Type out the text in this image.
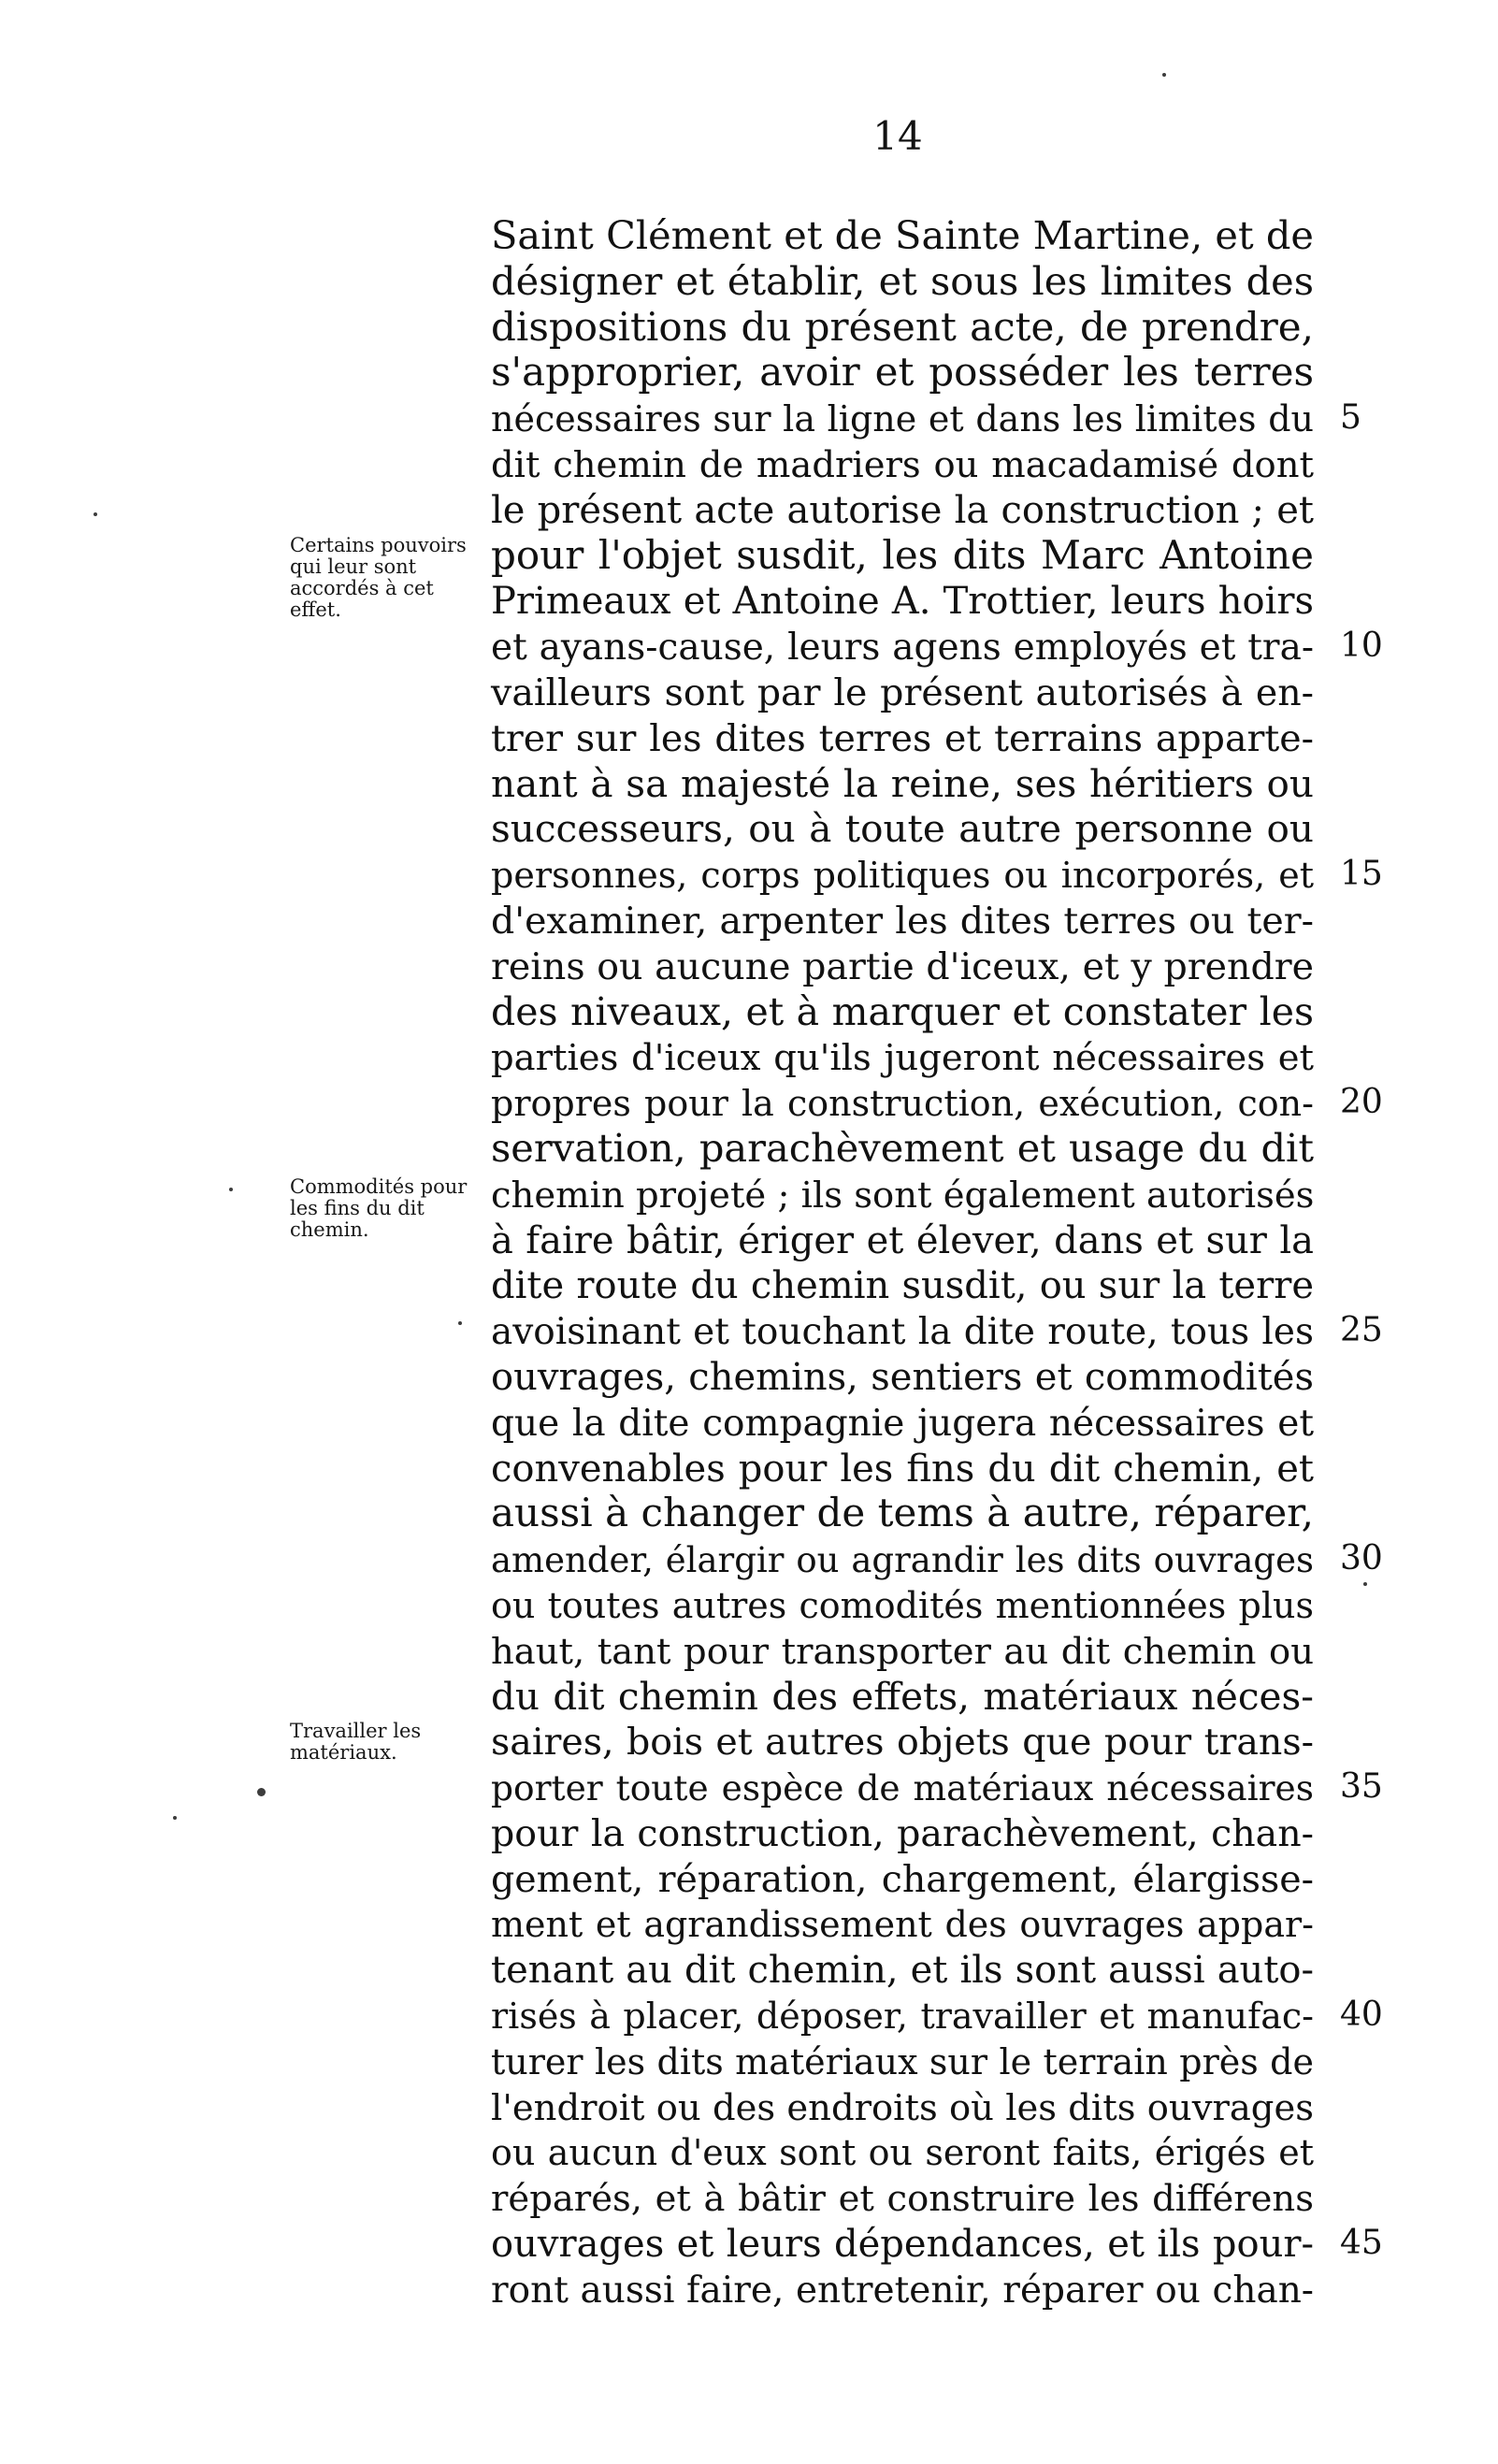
14
Certains pouvoirs qui leur sont accordés à cet effet.
Commodités pour les fins du dit chemin.
Travailler les matériaux.
Saint Clément et de Sainte Martine, et de
désigner et établir, et sous les limites des
dispositions du présent acte, de prendre,
s'approprier, avoir et posséder les terres
nécessaires sur la ligne et dans les limites du 5
dit chemin de madriers ou macadamisé dont
le présent acte autorise la construction ; et
pour l'objet susdit, les dits Marc Antoine
Primeaux et Antoine A. Trottier, leurs hoirs
et ayans-cause, leurs agens employés et tra- 10
vailleurs sont par le présent autorisés à en-
trer sur les dites terres et terrains apparte-
nant à sa majesté la reine, ses héritiers ou
successeurs, ou à toute autre personne ou
personnes, corps politiques ou incorporés, et 15
d'examiner, arpenter les dites terres ou ter-
reins ou aucune partie d'iceux, et y prendre
des niveaux, et à marquer et constater les
parties d'iceux qu'ils jugeront nécessaires et
propres pour la construction, exécution, con- 20
servation, parachèvement et usage du dit
chemin projeté ; ils sont également autorisés
à faire bâtir, ériger et élever, dans et sur la
dite route du chemin susdit, ou sur la terre
avoisinant et touchant la dite route, tous les 25
ouvrages, chemins, sentiers et commodités
que la dite compagnie jugera nécessaires et
convenables pour les fins du dit chemin, et
aussi à changer de tems à autre, réparer,
amender, élargir ou agrandir les dits ouvrages 30
ou toutes autres comodités mentionnées plus
haut, tant pour transporter au dit chemin ou
du dit chemin des effets, matériaux néces-
saires, bois et autres objets que pour trans-
porter toute espèce de matériaux nécessaires 35
pour la construction, parachèvement, chan-
gement, réparation, chargement, élargisse-
ment et agrandissement des ouvrages appar-
tenant au dit chemin, et ils sont aussi auto-
risés à placer, déposer, travailler et manufac- 40
turer les dits matériaux sur le terrain près de
l'endroit ou des endroits où les dits ouvrages
ou aucun d'eux sont ou seront faits, érigés et
réparés, et à bâtir et construire les différens
ouvrages et leurs dépendances, et ils pour- 45
ront aussi faire, entretenir, réparer ou chan-
